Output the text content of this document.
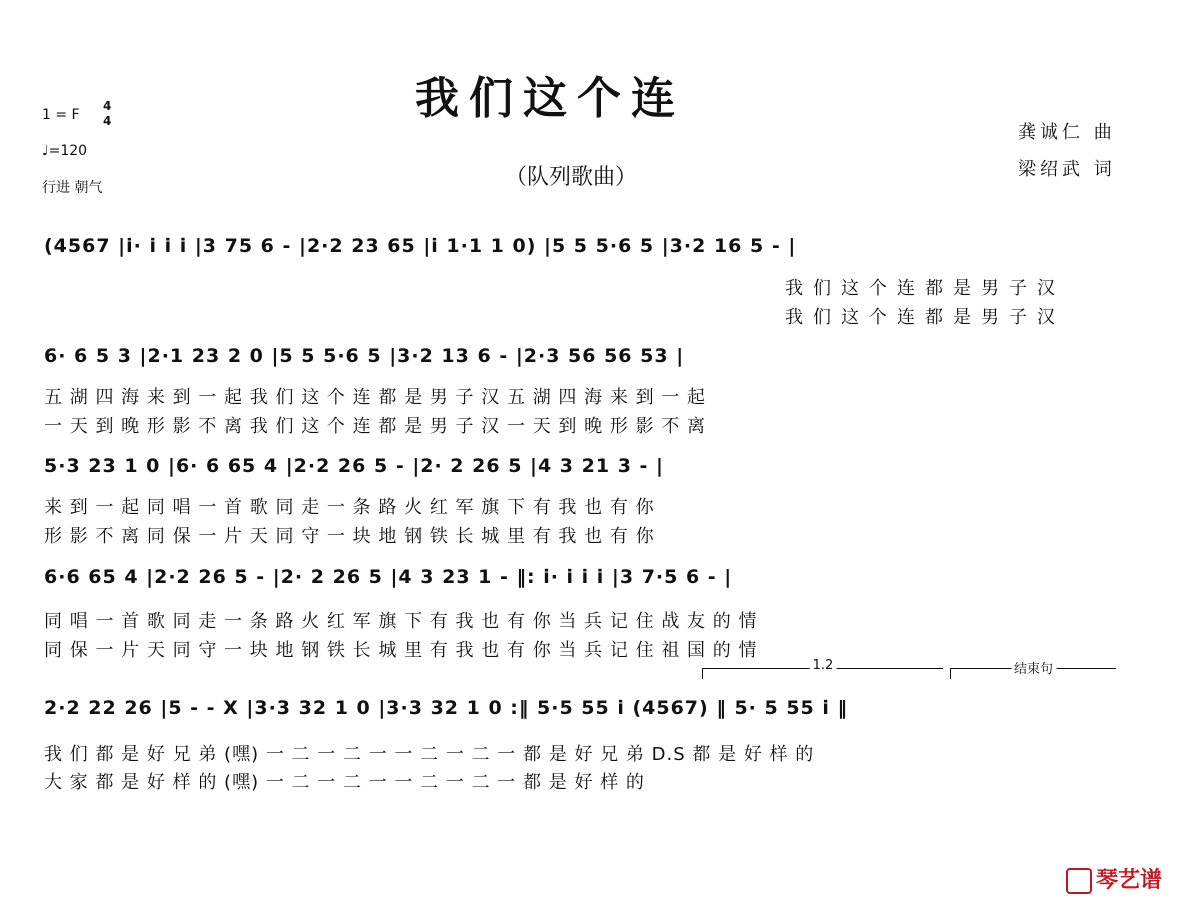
我们这个连
（队列歌曲）
1 = F
4
4
♩=120
行进 朝气
龚诚仁 曲
梁绍武 词
(4567 |i̇· i̇ i̇ i̇ |3 75 6 - |2·2 23 65 |i̇ 1·1 1 0) |5 5 5·6 5 |3·2 16 5 - |
我们这个连都是男子汉
我们这个连都是男子汉
6· 6 5 3 |2·1 23 2 0 |5 5 5·6 5 |3·2 13 6 - |2·3 56 56 53 |
五 湖 四 海 来 到 一 起 我 们 这 个 连 都 是 男 子 汉 五 湖 四 海 来 到 一 起
一 天 到 晚 形 影 不 离 我 们 这 个 连 都 是 男 子 汉 一 天 到 晚 形 影 不 离
5·3 23 1 0 |6· 6 65 4 |2·2 26 5 - |2· 2 26 5 |4 3 21 3 - |
来 到 一 起 同 唱 一 首 歌 同 走 一 条 路 火 红 军 旗 下 有 我 也 有 你
形 影 不 离 同 保 一 片 天 同 守 一 块 地 钢 铁 长 城 里 有 我 也 有 你
6·6 65 4 |2·2 26 5 - |2· 2 26 5 |4 3 23 1 - ‖: i̇· i̇ i̇ i̇ |3 7·5 6 - |
同 唱 一 首 歌 同 走 一 条 路 火 红 军 旗 下 有 我 也 有 你 当 兵 记 住 战 友 的 情
同 保 一 片 天 同 守 一 块 地 钢 铁 长 城 里 有 我 也 有 你 当 兵 记 住 祖 国 的 情
1.2	结束句
2·2 22 26 |5 - - X |3·3 32 1 0 |3·3 32 1 0 :‖ 5·5 55 i̇ (4567) ‖ 5· 5 55 i̇ ‖
我 们 都 是 好 兄 弟 (嘿) 一 二 一 二 一 一 二 一 二 一 都 是 好 兄 弟 D.S 都 是 好 样 的
大 家 都 是 好 样 的 (嘿) 一 二 一 二 一 一 二 一 二 一 都 是 好 样 的
琴艺谱
